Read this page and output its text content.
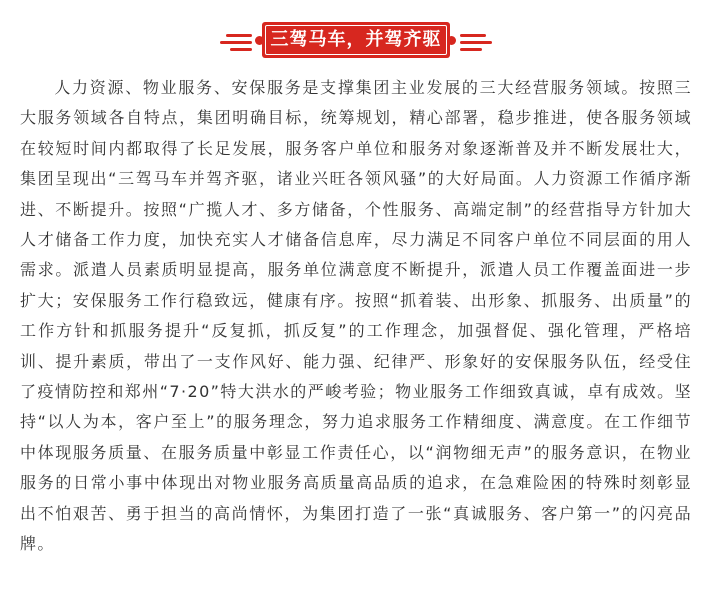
三驾马车，并驾齐驱

人力资源、物业服务、安保服务是支撑集团主业发展的三大经营服务领域。按照三大服务领域各自特点，集团明确目标，统筹规划，精心部署，稳步推进，使各服务领域在较短时间内都取得了长足发展，服务客户单位和服务对象逐渐普及并不断发展壮大，集团呈现出“三驾马车并驾齐驱，诸业兴旺各领风骚”的大好局面。人力资源工作循序渐进、不断提升。按照“广揽人才、多方储备，个性服务、高端定制”的经营指导方针加大人才储备工作力度，加快充实人才储备信息库，尽力满足不同客户单位不同层面的用人需求。派遣人员素质明显提高，服务单位满意度不断提升，派遣人员工作覆盖面进一步扩大；安保服务工作行稳致远，健康有序。按照“抓着装、出形象、抓服务、出质量”的工作方针和抓服务提升“反复抓，抓反复”的工作理念，加强督促、强化管理，严格培训、提升素质，带出了一支作风好、能力强、纪律严、形象好的安保服务队伍，经受住了疫情防控和郑州“7·20”特大洪水的严峻考验；物业服务工作细致真诚，卓有成效。坚持“以人为本，客户至上”的服务理念，努力追求服务工作精细度、满意度。在工作细节中体现服务质量、在服务质量中彰显工作责任心，以“润物细无声”的服务意识，在物业服务的日常小事中体现出对物业服务高质量高品质的追求，在急难险困的特殊时刻彰显出不怕艰苦、勇于担当的高尚情怀，为集团打造了一张“真诚服务、客户第一”的闪亮品牌。
